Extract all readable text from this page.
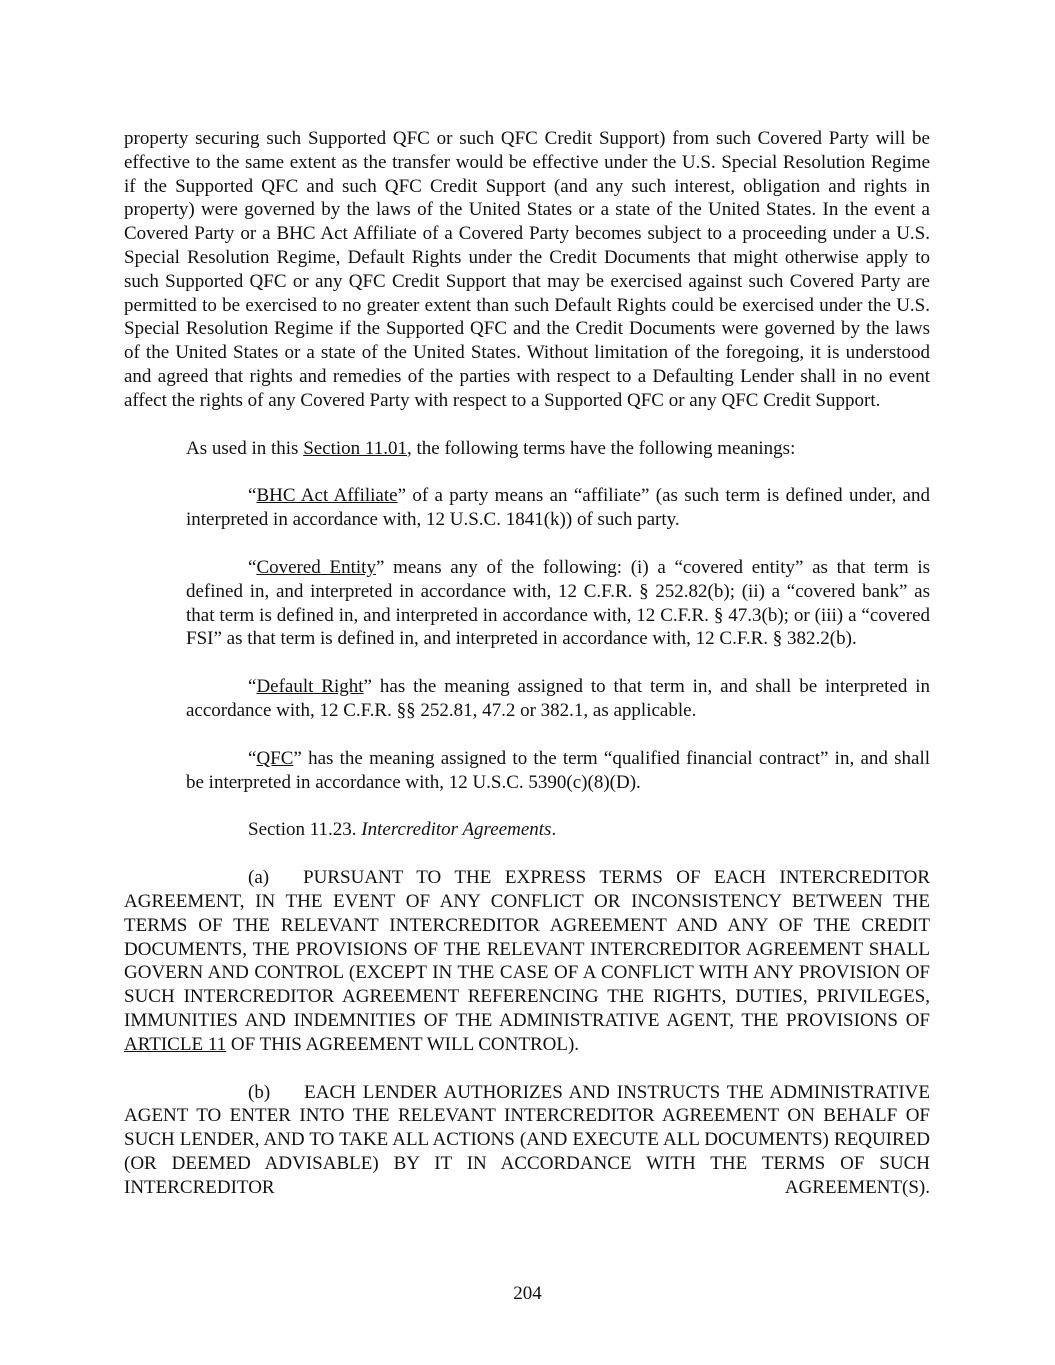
property securing such Supported QFC or such QFC Credit Support) from such Covered Party will be effective to the same extent as the transfer would be effective under the U.S. Special Resolution Regime if the Supported QFC and such QFC Credit Support (and any such interest, obligation and rights in property) were governed by the laws of the United States or a state of the United States. In the event a Covered Party or a BHC Act Affiliate of a Covered Party becomes subject to a proceeding under a U.S. Special Resolution Regime, Default Rights under the Credit Documents that might otherwise apply to such Supported QFC or any QFC Credit Support that may be exercised against such Covered Party are permitted to be exercised to no greater extent than such Default Rights could be exercised under the U.S. Special Resolution Regime if the Supported QFC and the Credit Documents were governed by the laws of the United States or a state of the United States. Without limitation of the foregoing, it is understood and agreed that rights and remedies of the parties with respect to a Defaulting Lender shall in no event affect the rights of any Covered Party with respect to a Supported QFC or any QFC Credit Support.

As used in this Section 11.01, the following terms have the following meanings:

“BHC Act Affiliate” of a party means an “affiliate” (as such term is defined under, and interpreted in accordance with, 12 U.S.C. 1841(k)) of such party.

“Covered Entity” means any of the following: (i) a “covered entity” as that term is defined in, and interpreted in accordance with, 12 C.F.R. § 252.82(b); (ii) a “covered bank” as that term is defined in, and interpreted in accordance with, 12 C.F.R. § 47.3(b); or (iii) a “covered FSI” as that term is defined in, and interpreted in accordance with, 12 C.F.R. § 382.2(b).

“Default Right” has the meaning assigned to that term in, and shall be interpreted in accordance with, 12 C.F.R. §§ 252.81, 47.2 or 382.1, as applicable.

“QFC” has the meaning assigned to the term “qualified financial contract” in, and shall be interpreted in accordance with, 12 U.S.C. 5390(c)(8)(D).

Section 11.23. Intercreditor Agreements.

(a) PURSUANT TO THE EXPRESS TERMS OF EACH INTERCREDITOR AGREEMENT, IN THE EVENT OF ANY CONFLICT OR INCONSISTENCY BETWEEN THE TERMS OF THE RELEVANT INTERCREDITOR AGREEMENT AND ANY OF THE CREDIT DOCUMENTS, THE PROVISIONS OF THE RELEVANT INTERCREDITOR AGREEMENT SHALL GOVERN AND CONTROL (EXCEPT IN THE CASE OF A CONFLICT WITH ANY PROVISION OF SUCH INTERCREDITOR AGREEMENT REFERENCING THE RIGHTS, DUTIES, PRIVILEGES, IMMUNITIES AND INDEMNITIES OF THE ADMINISTRATIVE AGENT, THE PROVISIONS OF ARTICLE 11 OF THIS AGREEMENT WILL CONTROL).

(b) EACH LENDER AUTHORIZES AND INSTRUCTS THE ADMINISTRATIVE AGENT TO ENTER INTO THE RELEVANT INTERCREDITOR AGREEMENT ON BEHALF OF SUCH LENDER, AND TO TAKE ALL ACTIONS (AND EXECUTE ALL DOCUMENTS) REQUIRED (OR DEEMED ADVISABLE) BY IT IN ACCORDANCE WITH THE TERMS OF SUCH INTERCREDITOR AGREEMENT(S).

204
